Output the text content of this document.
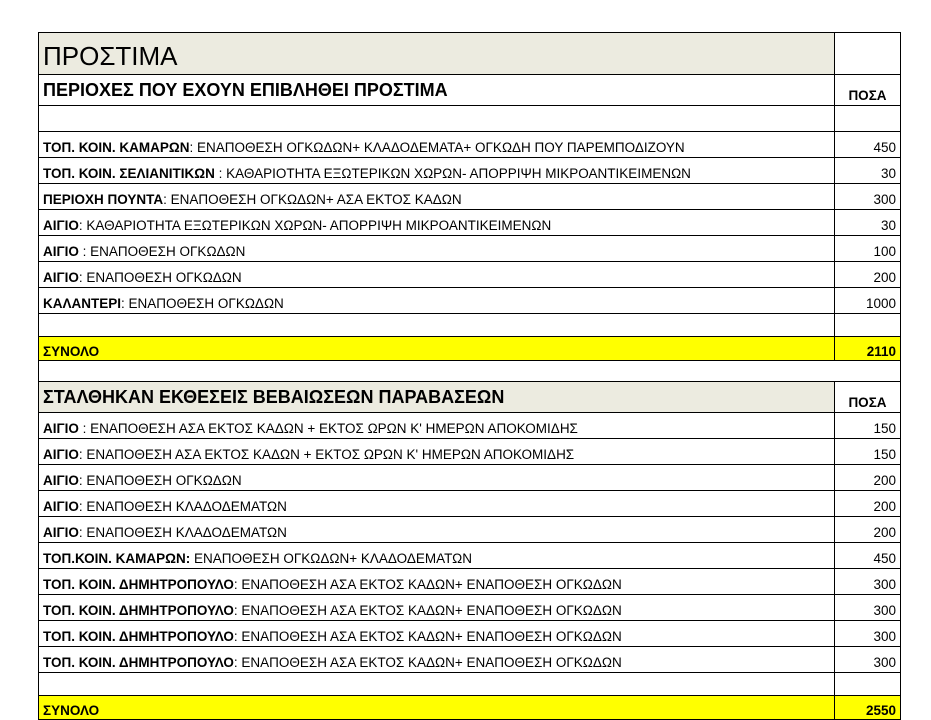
ΠΡΟΣΤΙΜΑ	
ΠΕΡΙΟΧΕΣ ΠΟΥ ΕΧΟΥΝ ΕΠΙΒΛΗΘΕΙ ΠΡΟΣΤΙΜΑ	ΠΟΣΑ

ΤΟΠ. ΚΟΙΝ. ΚΑΜΑΡΩΝ: ΕΝΑΠΟΘΕΣΗ ΟΓΚΩΔΩΝ+ ΚΛΑΔΟΔΕΜΑΤΑ+ ΟΓΚΩΔΗ ΠΟΥ ΠΑΡΕΜΠΟΔΙΖΟΥΝ	450
ΤΟΠ. ΚΟΙΝ. ΣΕΛΙΑΝΙΤΙΚΩΝ : ΚΑΘΑΡΙΟΤΗΤΑ ΕΞΩΤΕΡΙΚΩΝ ΧΩΡΩΝ- ΑΠΟΡΡΙΨΗ ΜΙΚΡΟΑΝΤΙΚΕΙΜΕΝΩΝ	30
ΠΕΡΙΟΧΗ ΠΟΥΝΤΑ: ΕΝΑΠΟΘΕΣΗ ΟΓΚΩΔΩΝ+ ΑΣΑ ΕΚΤΟΣ ΚΑΔΩΝ	300
ΑΙΓΙΟ: ΚΑΘΑΡΙΟΤΗΤΑ ΕΞΩΤΕΡΙΚΩΝ ΧΩΡΩΝ- ΑΠΟΡΡΙΨΗ ΜΙΚΡΟΑΝΤΙΚΕΙΜΕΝΩΝ	30
ΑΙΓΙΟ : ΕΝΑΠΟΘΕΣΗ ΟΓΚΩΔΩΝ	100
ΑΙΓΙΟ: ΕΝΑΠΟΘΕΣΗ ΟΓΚΩΔΩΝ	200
ΚΑΛΑΝΤΕΡΙ: ΕΝΑΠΟΘΕΣΗ ΟΓΚΩΔΩΝ	1000

ΣΥΝΟΛΟ	2110

ΣΤΑΛΘΗΚΑΝ ΕΚΘΕΣΕΙΣ ΒΕΒΑΙΩΣΕΩΝ ΠΑΡΑΒΑΣΕΩΝ	ΠΟΣΑ
ΑΙΓΙΟ : ΕΝΑΠΟΘΕΣΗ ΑΣΑ ΕΚΤΟΣ ΚΑΔΩΝ + ΕΚΤΟΣ ΩΡΩΝ Κ' ΗΜΕΡΩΝ ΑΠΟΚΟΜΙΔΗΣ	150
ΑΙΓΙΟ: ΕΝΑΠΟΘΕΣΗ ΑΣΑ ΕΚΤΟΣ ΚΑΔΩΝ + ΕΚΤΟΣ ΩΡΩΝ Κ' ΗΜΕΡΩΝ ΑΠΟΚΟΜΙΔΗΣ	150
ΑΙΓΙΟ: ΕΝΑΠΟΘΕΣΗ ΟΓΚΩΔΩΝ	200
ΑΙΓΙΟ: ΕΝΑΠΟΘΕΣΗ ΚΛΑΔΟΔΕΜΑΤΩΝ	200
ΑΙΓΙΟ: ΕΝΑΠΟΘΕΣΗ ΚΛΑΔΟΔΕΜΑΤΩΝ	200
ΤΟΠ.ΚΟΙΝ. ΚΑΜΑΡΩΝ: ΕΝΑΠΟΘΕΣΗ ΟΓΚΩΔΩΝ+ ΚΛΑΔΟΔΕΜΑΤΩΝ	450
ΤΟΠ. ΚΟΙΝ. ΔΗΜΗΤΡΟΠΟΥΛΟ: ΕΝΑΠΟΘΕΣΗ ΑΣΑ ΕΚΤΟΣ ΚΑΔΩΝ+ ΕΝΑΠΟΘΕΣΗ ΟΓΚΩΔΩΝ	300
ΤΟΠ. ΚΟΙΝ. ΔΗΜΗΤΡΟΠΟΥΛΟ: ΕΝΑΠΟΘΕΣΗ ΑΣΑ ΕΚΤΟΣ ΚΑΔΩΝ+ ΕΝΑΠΟΘΕΣΗ ΟΓΚΩΔΩΝ	300
ΤΟΠ. ΚΟΙΝ. ΔΗΜΗΤΡΟΠΟΥΛΟ: ΕΝΑΠΟΘΕΣΗ ΑΣΑ ΕΚΤΟΣ ΚΑΔΩΝ+ ΕΝΑΠΟΘΕΣΗ ΟΓΚΩΔΩΝ	300
ΤΟΠ. ΚΟΙΝ. ΔΗΜΗΤΡΟΠΟΥΛΟ: ΕΝΑΠΟΘΕΣΗ ΑΣΑ ΕΚΤΟΣ ΚΑΔΩΝ+ ΕΝΑΠΟΘΕΣΗ ΟΓΚΩΔΩΝ	300

ΣΥΝΟΛΟ	2550
